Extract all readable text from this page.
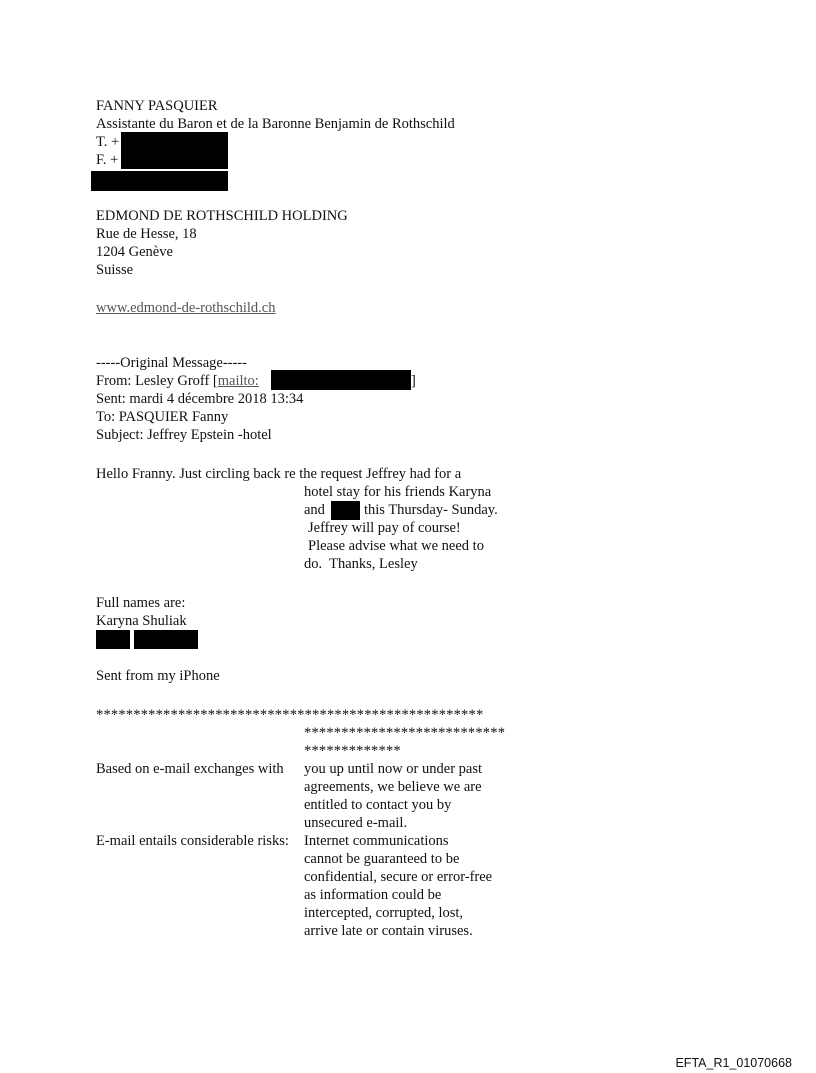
FANNY PASQUIER
Assistante du Baron et de la Baronne Benjamin de Rothschild
T. +
F. +
EDMOND DE ROTHSCHILD HOLDING
Rue de Hesse, 18
1204 Genève
Suisse
www.edmond-de-rothschild.ch
-----Original Message-----
From: Lesley Groff [mailto:	]
Sent: mardi 4 décembre 2018 13:34
To: PASQUIER Fanny
Subject: Jeffrey Epstein -hotel
Hello Franny. Just circling back re the request Jeffrey had for a
hotel stay for his friends Karyna
and	this Thursday- Sunday.
Jeffrey will pay of course!
Please advise what we need to
do.  Thanks, Lesley
Full names are:
Karyna Shuliak
Sent from my iPhone
****************************************************
***************************
*************
Based on e-mail exchanges with you up until now or under past
agreements, we believe we are
entitled to contact you by
unsecured e-mail.
E-mail entails considerable risks: Internet communications
cannot be guaranteed to be
confidential, secure or error-free
as information could be
intercepted, corrupted, lost,
arrive late or contain viruses.
EFTA_R1_01070668
